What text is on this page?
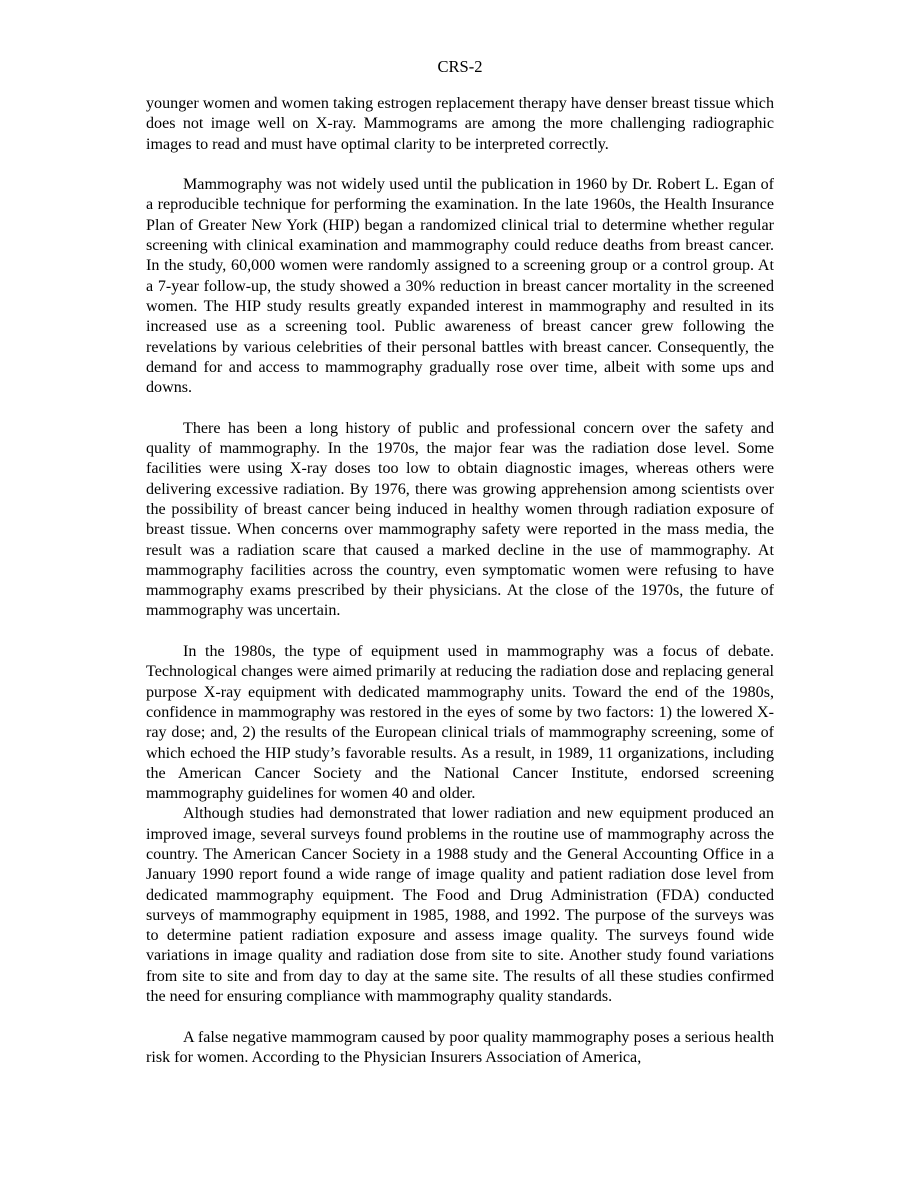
CRS-2

younger women and women taking estrogen replacement therapy have denser breast tissue which does not image well on X-ray. Mammograms are among the more challenging radiographic images to read and must have optimal clarity to be interpreted correctly.

Mammography was not widely used until the publication in 1960 by Dr. Robert L. Egan of a reproducible technique for performing the examination. In the late 1960s, the Health Insurance Plan of Greater New York (HIP) began a randomized clinical trial to determine whether regular screening with clinical examination and mammography could reduce deaths from breast cancer. In the study, 60,000 women were randomly assigned to a screening group or a control group. At a 7-year follow-up, the study showed a 30% reduction in breast cancer mortality in the screened women. The HIP study results greatly expanded interest in mammography and resulted in its increased use as a screening tool. Public awareness of breast cancer grew following the revelations by various celebrities of their personal battles with breast cancer. Consequently, the demand for and access to mammography gradually rose over time, albeit with some ups and downs.

There has been a long history of public and professional concern over the safety and quality of mammography. In the 1970s, the major fear was the radiation dose level. Some facilities were using X-ray doses too low to obtain diagnostic images, whereas others were delivering excessive radiation. By 1976, there was growing apprehension among scientists over the possibility of breast cancer being induced in healthy women through radiation exposure of breast tissue. When concerns over mammography safety were reported in the mass media, the result was a radiation scare that caused a marked decline in the use of mammography. At mammography facilities across the country, even symptomatic women were refusing to have mammography exams prescribed by their physicians. At the close of the 1970s, the future of mammography was uncertain.

In the 1980s, the type of equipment used in mammography was a focus of debate. Technological changes were aimed primarily at reducing the radiation dose and replacing general purpose X-ray equipment with dedicated mammography units. Toward the end of the 1980s, confidence in mammography was restored in the eyes of some by two factors: 1) the lowered X-ray dose; and, 2) the results of the European clinical trials of mammography screening, some of which echoed the HIP study’s favorable results. As a result, in 1989, 11 organizations, including the American Cancer Society and the National Cancer Institute, endorsed screening mammography guidelines for women 40 and older.

Although studies had demonstrated that lower radiation and new equipment produced an improved image, several surveys found problems in the routine use of mammography across the country. The American Cancer Society in a 1988 study and the General Accounting Office in a January 1990 report found a wide range of image quality and patient radiation dose level from dedicated mammography equipment. The Food and Drug Administration (FDA) conducted surveys of mammography equipment in 1985, 1988, and 1992. The purpose of the surveys was to determine patient radiation exposure and assess image quality. The surveys found wide variations in image quality and radiation dose from site to site. Another study found variations from site to site and from day to day at the same site. The results of all these studies confirmed the need for ensuring compliance with mammography quality standards.

A false negative mammogram caused by poor quality mammography poses a serious health risk for women. According to the Physician Insurers Association of America,
